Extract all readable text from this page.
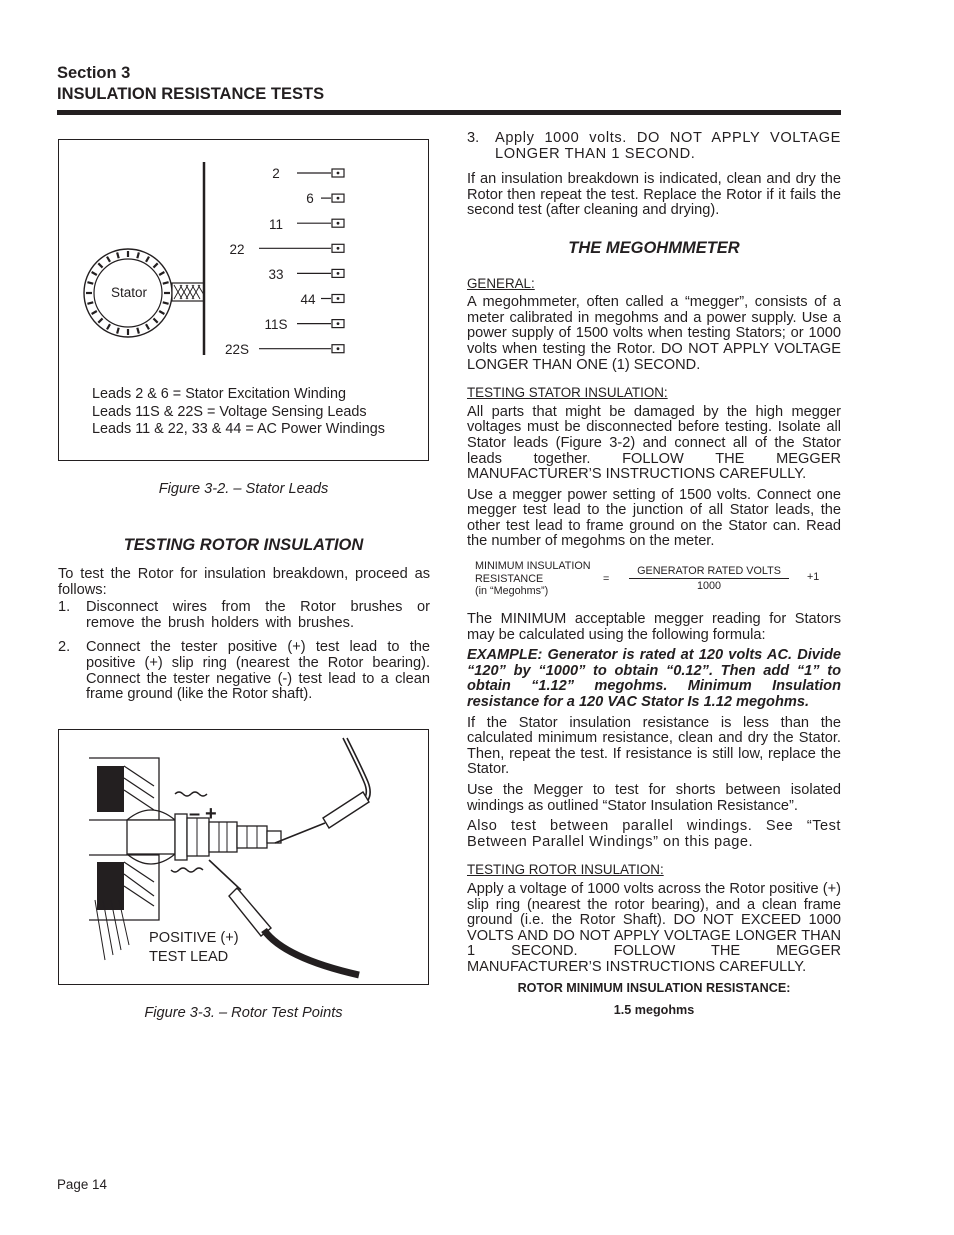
Section 3
INSULATION RESISTANCE TESTS
Stator
2
6
11
22
33
44
11S
22S
Leads 2 & 6 = Stator Excitation Winding
Leads 11S & 22S = Voltage Sensing Leads
Leads 11 & 22, 33 & 44 = AC Power Windings
Figure 3-2. – Stator Leads
TESTING ROTOR INSULATION
To test the Rotor for insulation breakdown, proceed as follows:
1.	Disconnect wires from the Rotor brushes or remove the brush holders with brushes.
2.	Connect the tester positive (+) test lead to the positive (+) slip ring (nearest the Rotor bearing). Connect the tester negative (-) test lead to a clean frame ground (like the Rotor shaft).
– +
POSITIVE (+)
TEST LEAD
Figure 3-3. – Rotor Test Points
3.	Apply 1000 volts. DO NOT APPLY VOLTAGE LONGER THAN 1 SECOND.
If an insulation breakdown is indicated, clean and dry the Rotor then repeat the test. Replace the Rotor if it fails the second test (after cleaning and drying).
THE MEGOHMMETER
GENERAL:
A megohmmeter, often called a “megger”, consists of a meter calibrated in megohms and a power supply. Use a power supply of 1500 volts when testing Stators; or 1000 volts when testing the Rotor. DO NOT APPLY VOLTAGE LONGER THAN ONE (1) SECOND.
TESTING STATOR INSULATION:
All parts that might be damaged by the high megger voltages must be disconnected before testing. Isolate all Stator leads (Figure 3-2) and connect all of the Stator leads together. FOLLOW THE MEGGER MANUFACTURER’S INSTRUCTIONS CAREFULLY.
Use a megger power setting of 1500 volts. Connect one megger test lead to the junction of all Stator leads, the other test lead to frame ground on the Stator can. Read the number of megohms on the meter.
MINIMUM INSULATION
RESISTANCE
(in “Megohms”)
=
GENERATOR RATED VOLTS
1000
+1
The MINIMUM acceptable megger reading for Stators may be calculated using the following formula:
EXAMPLE: Generator is rated at 120 volts AC. Divide “120” by “1000” to obtain “0.12”. Then add “1” to obtain “1.12” megohms. Minimum Insulation resistance for a 120 VAC Stator Is 1.12 megohms.
If the Stator insulation resistance is less than the calculated minimum resistance, clean and dry the Stator. Then, repeat the test. If resistance is still low, replace the Stator.
Use the Megger to test for shorts between isolated windings as outlined “Stator Insulation Resistance”.
Also test between parallel windings. See “Test Between Parallel Windings” on this page.
TESTING ROTOR INSULATION:
Apply a voltage of 1000 volts across the Rotor positive (+) slip ring (nearest the rotor bearing), and a clean frame ground (i.e. the Rotor Shaft). DO NOT EXCEED 1000 VOLTS AND DO NOT APPLY VOLTAGE LONGER THAN 1 SECOND. FOLLOW THE MEGGER MANUFACTURER’S INSTRUCTIONS CAREFULLY.
ROTOR MINIMUM INSULATION RESISTANCE:
1.5 megohms
Page 14
